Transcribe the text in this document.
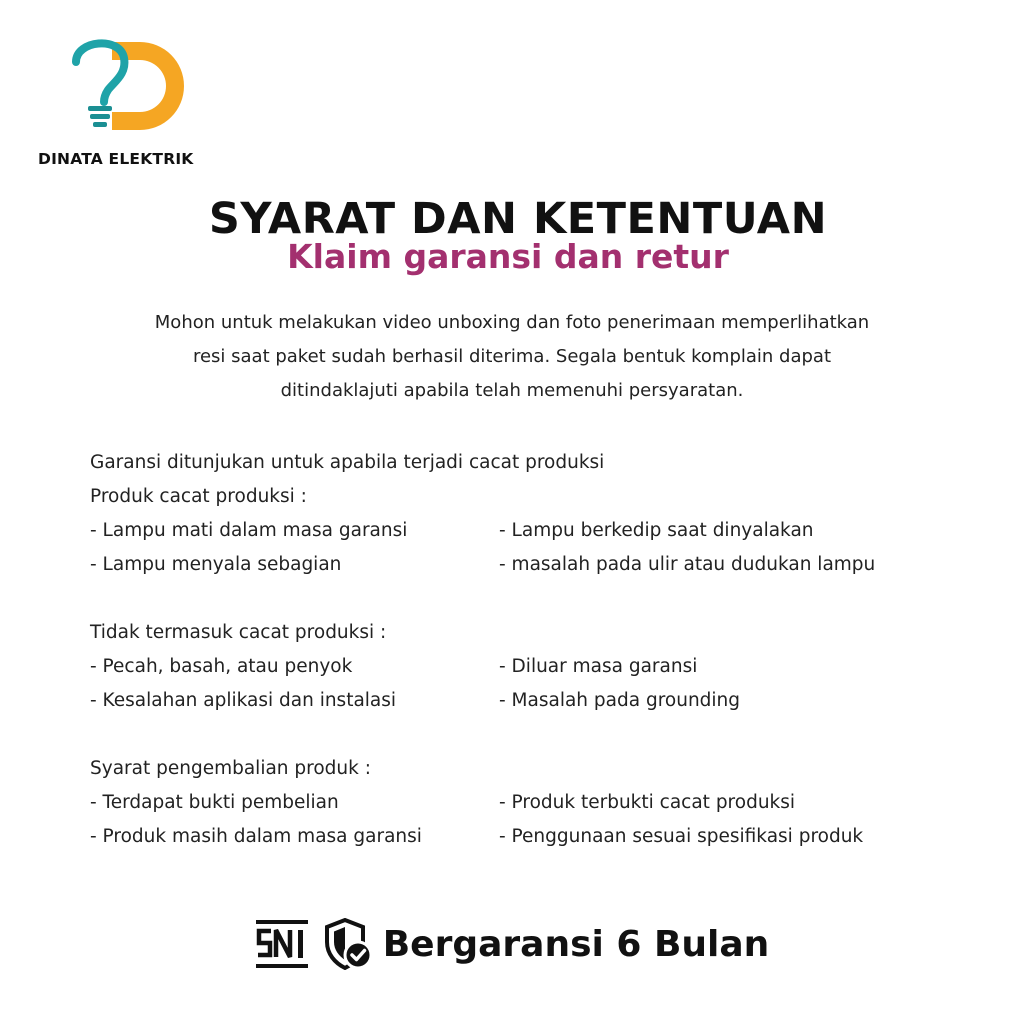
DINATA ELEKTRIK
SYARAT DAN KETENTUAN
Klaim garansi dan retur
Mohon untuk melakukan video unboxing dan foto penerimaan memperlihatkan
resi saat paket sudah berhasil diterima. Segala bentuk komplain dapat
ditindaklajuti apabila telah memenuhi persyaratan.
Garansi ditunjukan untuk apabila terjadi cacat produksi
Produk cacat produksi :
- Lampu mati dalam masa garansi	- Lampu berkedip saat dinyalakan
- Lampu menyala sebagian	- masalah pada ulir atau dudukan lampu
Tidak termasuk cacat produksi :
- Pecah, basah, atau penyok	- Diluar masa garansi
- Kesalahan aplikasi dan instalasi	- Masalah pada grounding
Syarat pengembalian produk :
- Terdapat bukti pembelian	- Produk terbukti cacat produksi
- Produk masih dalam masa garansi	- Penggunaan sesuai spesifikasi produk
SNI
Bergaransi 6 Bulan
